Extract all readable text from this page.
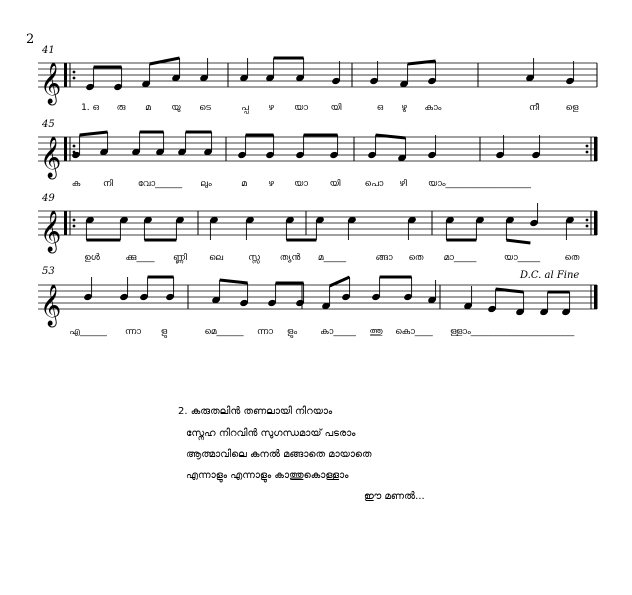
𝄞
𝄞
𝄞
𝄞
2
41
45
49
53	D.C. al Fine
1. ഒ രു മ യു ടെ	പ്പ ഴ യാ	യി	ഒ ഴു കാം	നീ	ളെ
ക	നി	വോ______ ലും	മ ഴ യാ യി	പൊ ഴി യാം___________________
ഉൾ	ക്കു____ ണ്ണി ലെ	സ്സ ത്യൻ മ_____	ങ്ങാ തെ മാ_____	യാ_____	തെ
എ______ ന്നാ ളു	മെ______ ന്നാ ളും	കാ_____ ത്തു കൊ____ ള്ളാം_______________________
2. കരുതലിൻ തണലായി നിറയാം
സ്നേഹ നിറവിൻ സുഗന്ധമായ് പടരാം
ആത്മാവിലെ കനൽ മങ്ങാതെ മായാതെ
എന്നാളും എന്നാളും കാത്തുകൊള്ളാം
ഈ മണൽ...
